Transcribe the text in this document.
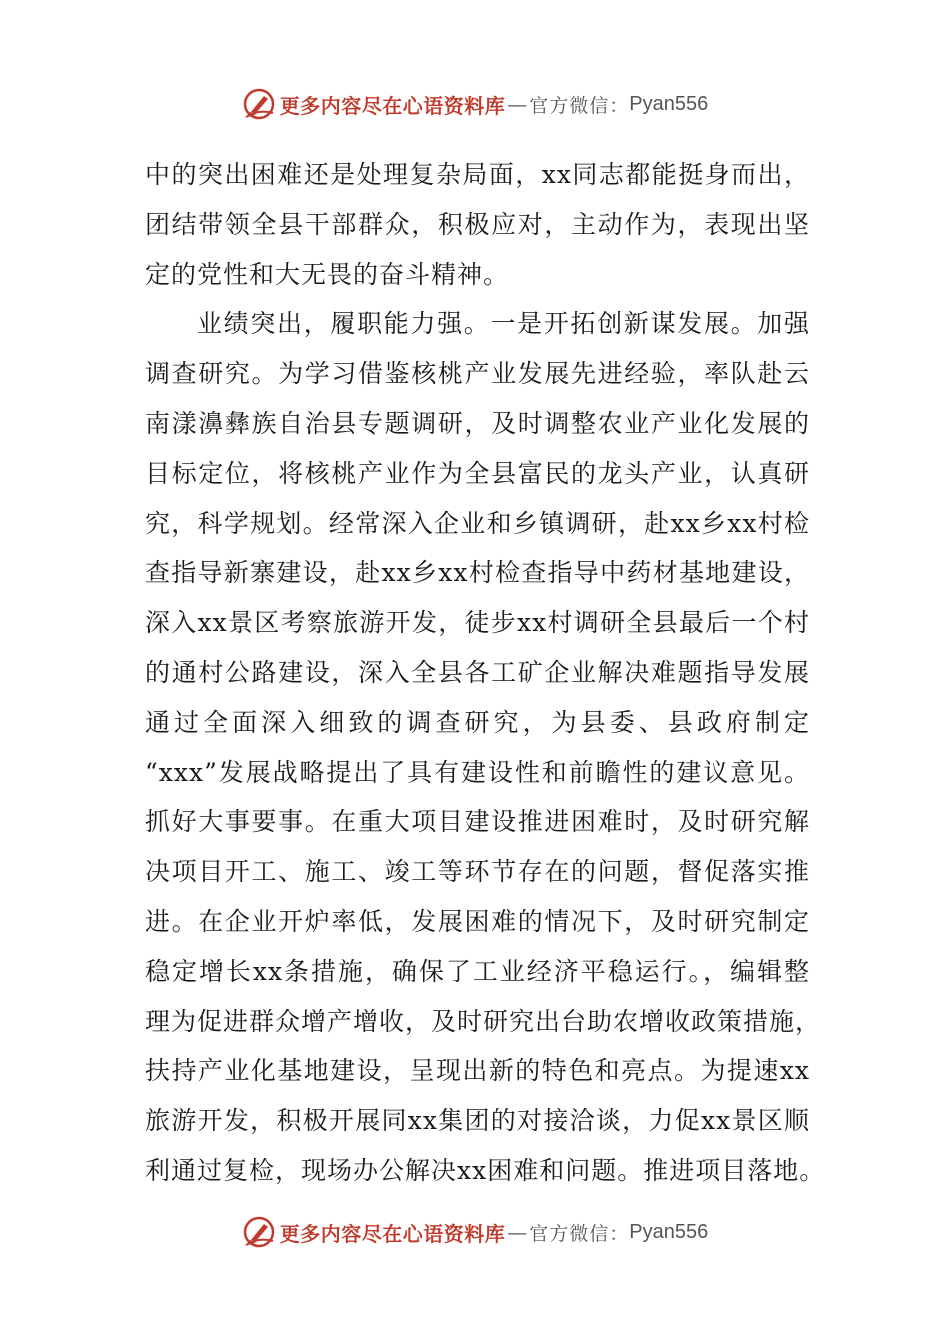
更多内容尽在心语资料库 — 官方微信： Pyan556
中的突出困难还是处理复杂局面，xx同志都能挺身而出，
团结带领全县干部群众，积极应对，主动作为，表现出坚
定的党性和大无畏的奋斗精神。
业绩突出，履职能力强。一是开拓创新谋发展。加强
调查研究。为学习借鉴核桃产业发展先进经验，率队赴云
南漾濞彝族自治县专题调研，及时调整农业产业化发展的
目标定位，将核桃产业作为全县富民的龙头产业，认真研
究，科学规划。经常深入企业和乡镇调研，赴xx乡xx村检
查指导新寨建设，赴xx乡xx村检查指导中药材基地建设，
深入xx景区考察旅游开发，徒步xx村调研全县最后一个村
的通村公路建设，深入全县各工矿企业解决难题指导发展
通过全面深入细致的调查研究，为县委、县政府制定
“xxx”发展战略提出了具有建设性和前瞻性的建议意见。
抓好大事要事。在重大项目建设推进困难时，及时研究解
决项目开工、施工、竣工等环节存在的问题，督促落实推
进。在企业开炉率低，发展困难的情况下，及时研究制定
稳定增长xx条措施，确保了工业经济平稳运行。，编辑整
理为促进群众增产增收，及时研究出台助农增收政策措施，
扶持产业化基地建设，呈现出新的特色和亮点。为提速xx
旅游开发，积极开展同xx集团的对接洽谈，力促xx景区顺
利通过复检，现场办公解决xx困难和问题。推进项目落地。
更多内容尽在心语资料库 — 官方微信： Pyan556
